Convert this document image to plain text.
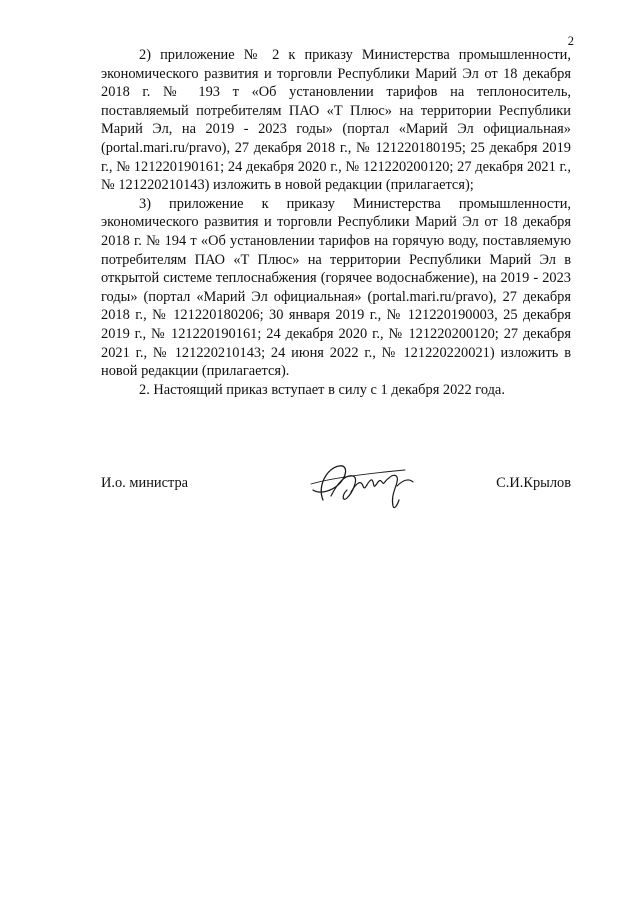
2

2) приложение № 2 к приказу Министерства промышленности, экономического развития и торговли Республики Марий Эл от 18 декабря 2018 г. № 193 т «Об установлении тарифов на теплоноситель, поставляемый потребителям ПАО «Т Плюс» на территории Республики Марий Эл, на 2019 - 2023 годы» (портал «Марий Эл официальная» (portal.mari.ru/pravo), 27 декабря 2018 г., № 121220180195; 25 декабря 2019 г., № 121220190161; 24 декабря 2020 г., № 121220200120; 27 декабря 2021 г., № 121220210143) изложить в новой редакции (прилагается);

3) приложение к приказу Министерства промышленности, экономического развития и торговли Республики Марий Эл от 18 декабря 2018 г. № 194 т «Об установлении тарифов на горячую воду, поставляемую потребителям ПАО «Т Плюс» на территории Республики Марий Эл в открытой системе теплоснабжения (горячее водоснабжение), на 2019 - 2023 годы» (портал «Марий Эл официальная» (portal.mari.ru/pravo), 27 декабря 2018 г., № 121220180206; 30 января 2019 г., № 121220190003, 25 декабря 2019 г., № 121220190161; 24 декабря 2020 г., № 121220200120; 27 декабря 2021 г., № 121220210143; 24 июня 2022 г., № 121220220021) изложить в новой редакции (прилагается).

2. Настоящий приказ вступает в силу с 1 декабря 2022 года.

И.о. министра	С.И.Крылов
